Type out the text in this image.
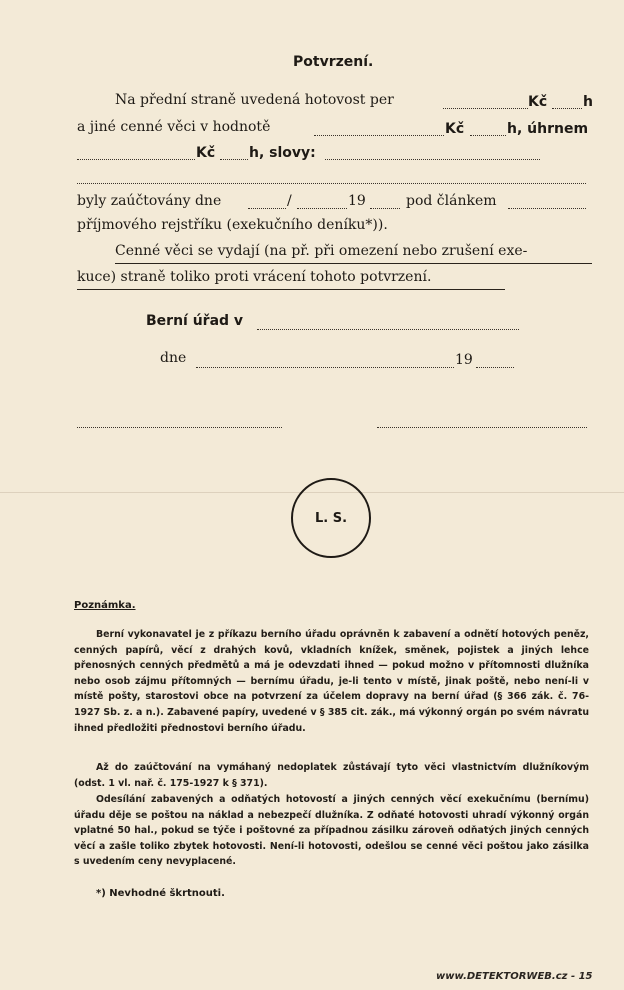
Potvrzení.
Na přední straně uvedená hotovost per	Kč	h
a jiné cenné věci v hodnotě	Kč	h, úhrnem
Kč h, slovy:
byly zaúčtovány dne	/	19	pod článkem
příjmového rejstříku (exekučního deníku*)).
Cenné věci se vydají (na př. při omezení nebo zrušení exe-
kuce) straně toliko proti vrácení tohoto potvrzení.
Berní úřad v
dne	19
L. S.
Poznámka.

Berní vykonavatel je z příkazu berního úřadu oprávněn k zabavení a odnětí hotových peněz, cenných papírů, věcí z drahých kovů, vkladních knížek, směnek, pojistek a jiných lehce přenosných cenných předmětů a má je odevzdati ihned — pokud možno v přítomnosti dlužníka nebo osob zájmu přítomných — bernímu úřadu, je-li tento v místě, jinak poště, nebo není-li v místě pošty, starostovi obce na potvrzení za účelem dopravy na berní úřad (§ 366 zák. č. 76-1927 Sb. z. a n.). Zabavené papíry, uvedené v § 385 cit. zák., má výkonný orgán po svém návratu ihned předložiti přednostovi berního úřadu.

Až do zaúčtování na vymáhaný nedoplatek zůstávají tyto věci vlastnictvím dlužníkovým (odst. 1 vl. nař. č. 175-1927 k § 371).

Odesílání zabavených a odňatých hotovostí a jiných cenných věcí exekučnímu (bernímu) úřadu děje se poštou na náklad a nebezpečí dlužníka. Z odňaté hotovosti uhradí výkonný orgán vplatné 50 hal., pokud se týče i poštovné za případnou zásilku zároveň odňatých jiných cenných věcí a zašle toliko zbytek hotovosti. Není-li hotovosti, odešlou se cenné věci poštou jako zásilka s uvedením ceny nevyplacené.

*) Nevhodné škrtnouti.
www.DETEKTORWEB.cz - 15
